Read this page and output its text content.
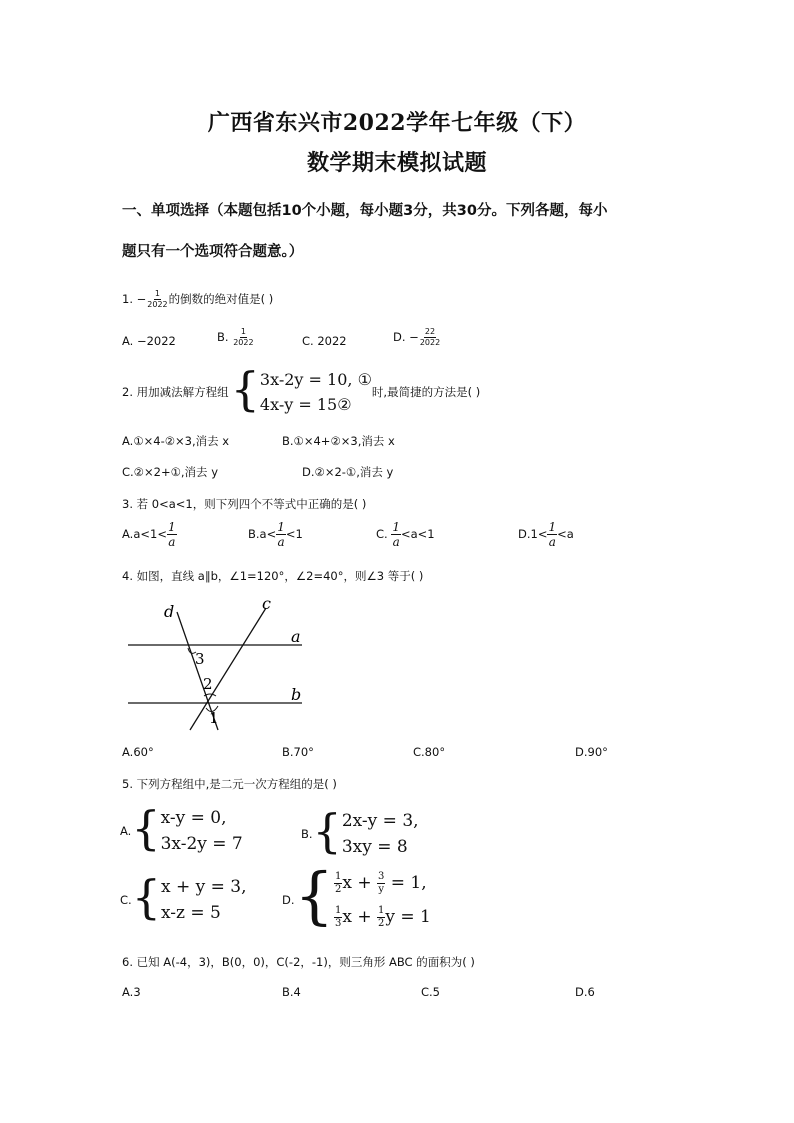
广西省东兴市2022学年七年级（下）
数学期末模拟试题
一、单项选择（本题包括10个小题，每小题3分，共30分。下列各题，每小
题只有一个选项符合题意。）
1. − $\frac{1}{2022}$ 的倒数的绝对值是( )
A. −2022	B. $\frac{1}{2022}$	C. 2022	D. − $\frac{22}{2022}$
2. 用加减法解方程组 { 3x-2y = 10, ①
4x-y = 15②
时,最简捷的方法是( )
A.①×4-②×3,消去 x	B.①×4+②×3,消去 x
C.②×2+①,消去 y	D.②×2-①,消去 y
3. 若 0<a<1，则下列四个不等式中正确的是( )
$A.a<1< \frac{1}{a}$	$B.a< \frac{1}{a} <1$	C. $\frac{1}{a} <a<1$	$D.1< \frac{1}{a} <a$
4. 如图，直线 a∥b，∠1=120°，∠2=40°，则∠3 等于( )
d	c
a
b
3
2
1
A.60°	B.70°	C.80°	D.90°
5. 下列方程组中,是二元一次方程组的是( )
A. { x-y = 0,
3x-2y = 7	B. { 2x-y = 3,
3xy = 8
C. { x + y = 3,
x-z = 5
D. { $\frac{1}{2}$ $x + \frac{3}{y} = 1$,
$\frac{1}{3}$ $x + \frac{1}{2}$ y = 1
6. 已知 A(-4，3)，B(0，0)，C(-2，-1)，则三角形 ABC 的面积为( )
A.3	B.4	C.5	D.6
